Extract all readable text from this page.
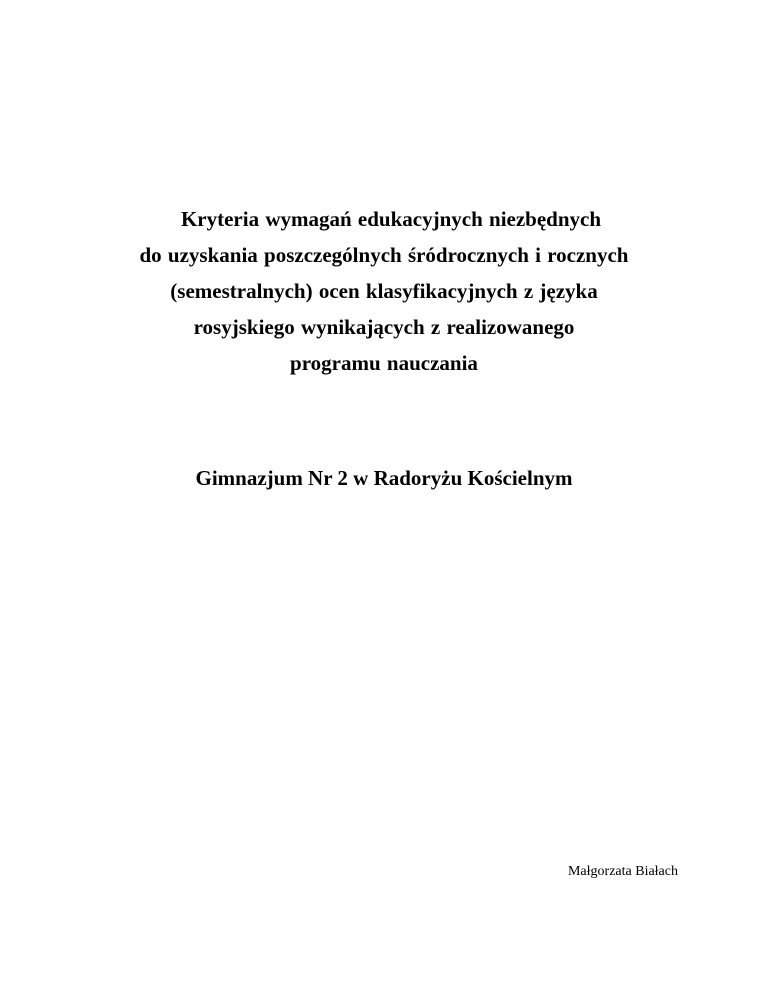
Kryteria wymagań edukacyjnych niezbędnych
do uzyskania poszczególnych śródrocznych i rocznych
(semestralnych) ocen klasyfikacyjnych z języka
rosyjskiego wynikających z realizowanego
programu nauczania
Gimnazjum Nr 2 w Radoryżu Kościelnym
Małgorzata Białach
